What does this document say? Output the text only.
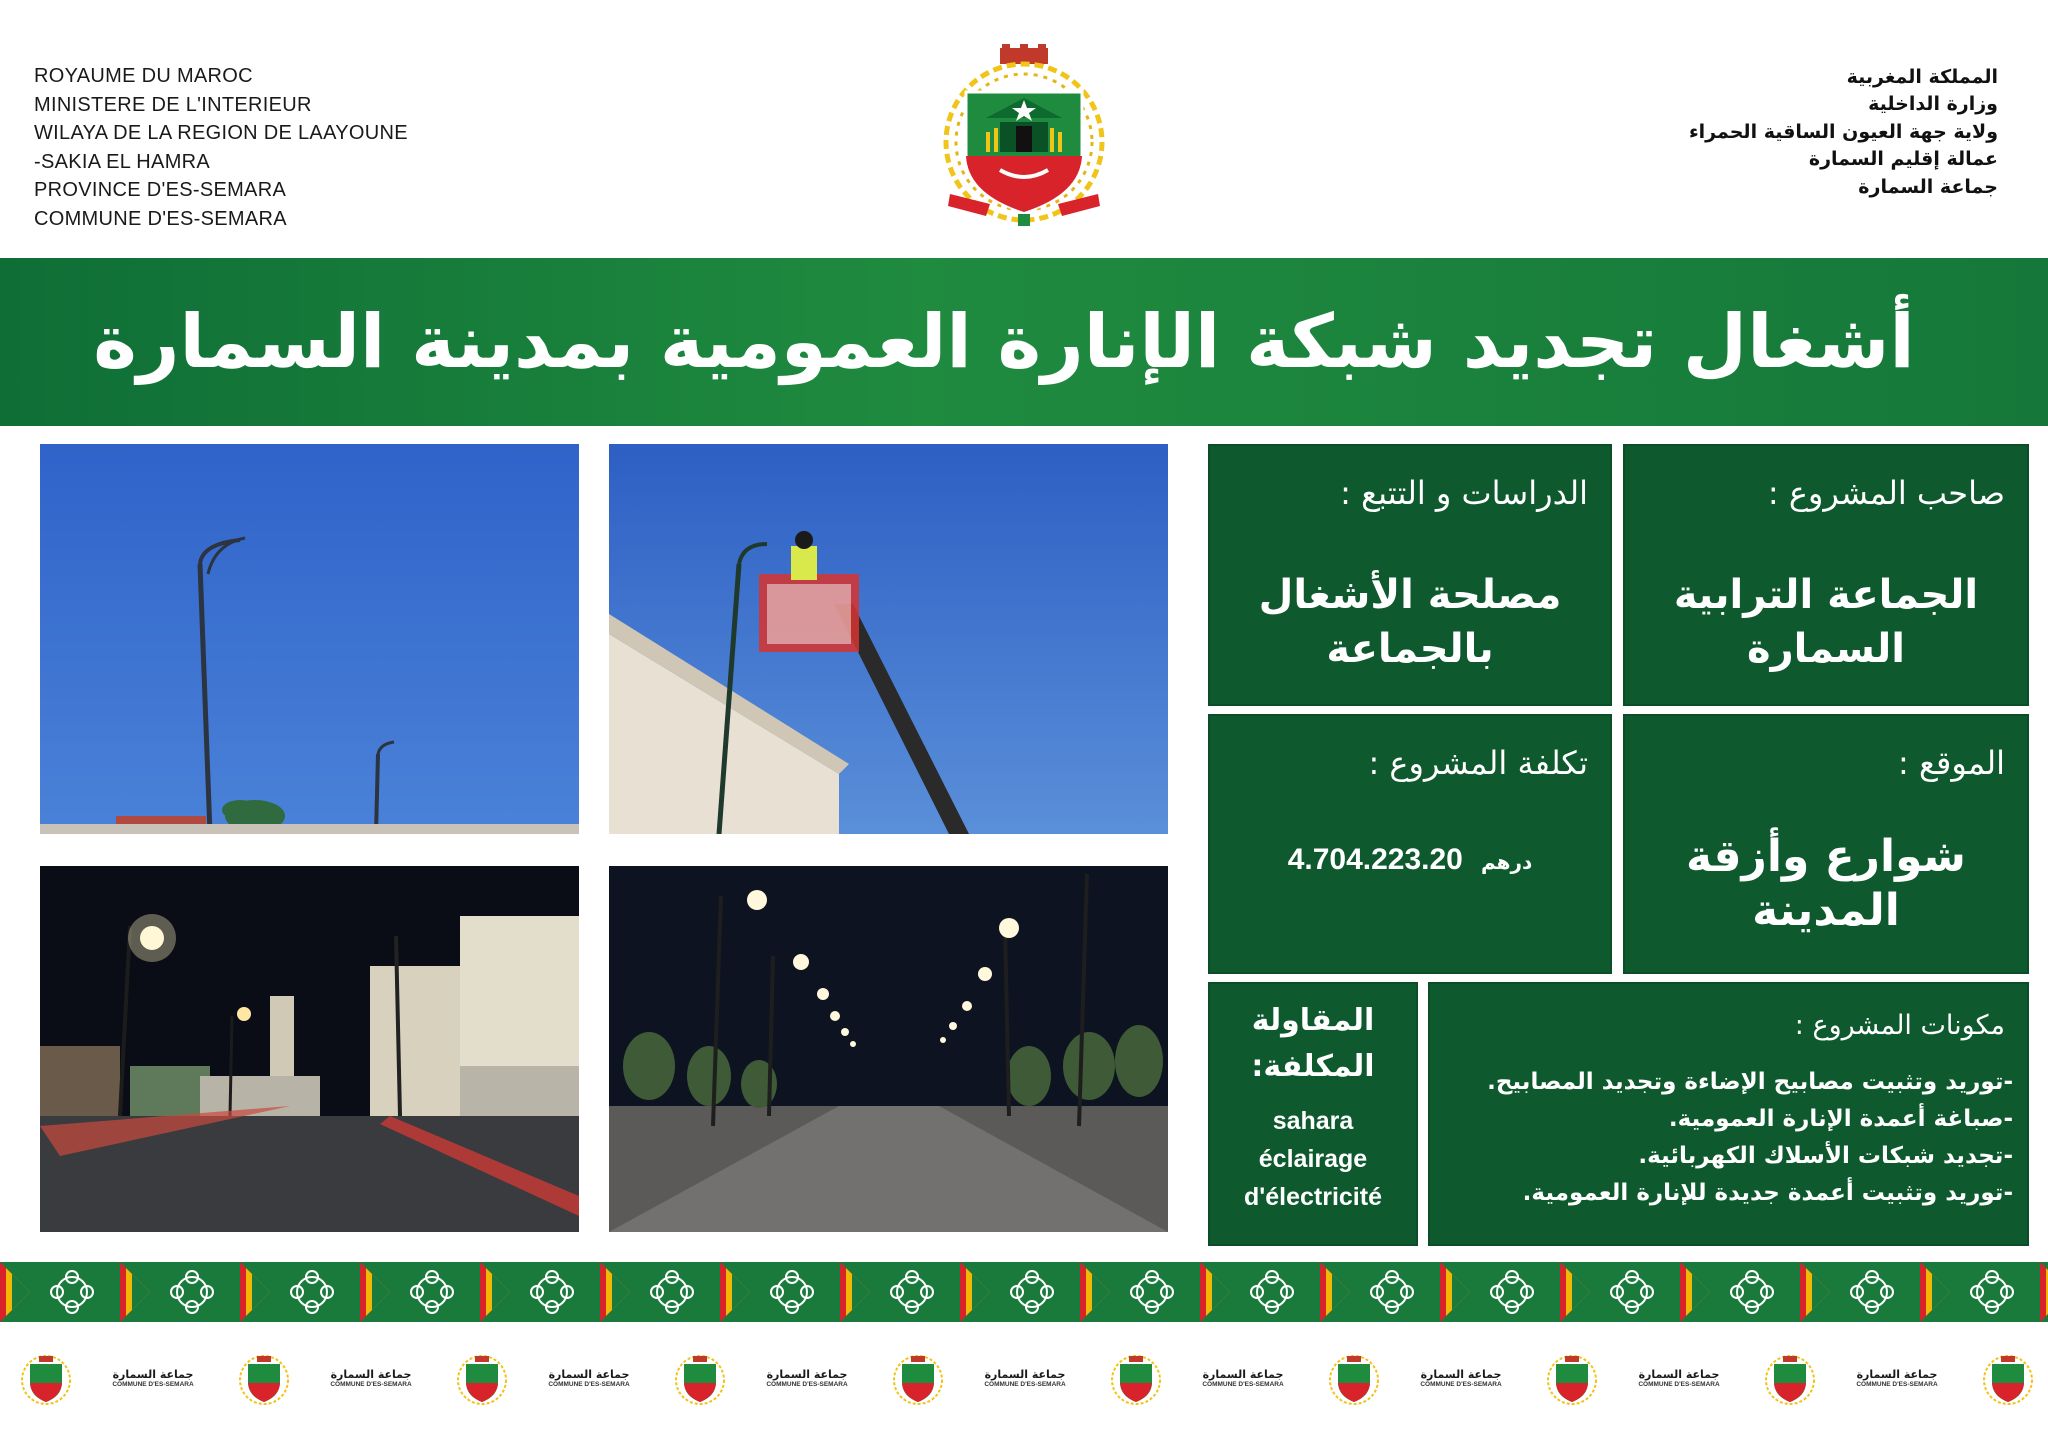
ROYAUME DU MAROC
MINISTERE DE L'INTERIEUR
WILAYA DE LA REGION DE LAAYOUNE
-SAKIA EL HAMRA
PROVINCE D'ES-SEMARA
COMMUNE D'ES-SEMARA
المملكة المغربية
وزارة الداخلية
ولاية جهة العيون الساقية الحمراء
عمالة إقليم السمارة
جماعة السمارة
أشغال تجديد شبكة الإنارة العمومية بمدينة السمارة
صاحب المشروع :
الجماعة الترابية
السمارة
الدراسات و التتبع :
مصلحة الأشغال
بالجماعة
الموقع :
شوارع وأزقة
المدينة
تكلفة المشروع :
درهم 4.704.223.20
مكونات المشروع :
-توريد وتثبيت مصابيح الإضاءة وتجديد المصابيح.
-صباغة أعمدة الإنارة العمومية.
-تجديد شبكات الأسلاك الكهربائية.
-توريد وتثبيت أعمدة جديدة للإنارة العمومية.
المقاولة
المكلفة:
sahara
éclairage
d'électricité
جماعة السمارة
COMMUNE D'ES-SEMARA
جماعة السمارة
COMMUNE D'ES-SEMARA
جماعة السمارة
COMMUNE D'ES-SEMARA
جماعة السمارة
COMMUNE D'ES-SEMARA
جماعة السمارة
COMMUNE D'ES-SEMARA
جماعة السمارة
COMMUNE D'ES-SEMARA
جماعة السمارة
COMMUNE D'ES-SEMARA
جماعة السمارة
COMMUNE D'ES-SEMARA
جماعة السمارة
COMMUNE D'ES-SEMARA
